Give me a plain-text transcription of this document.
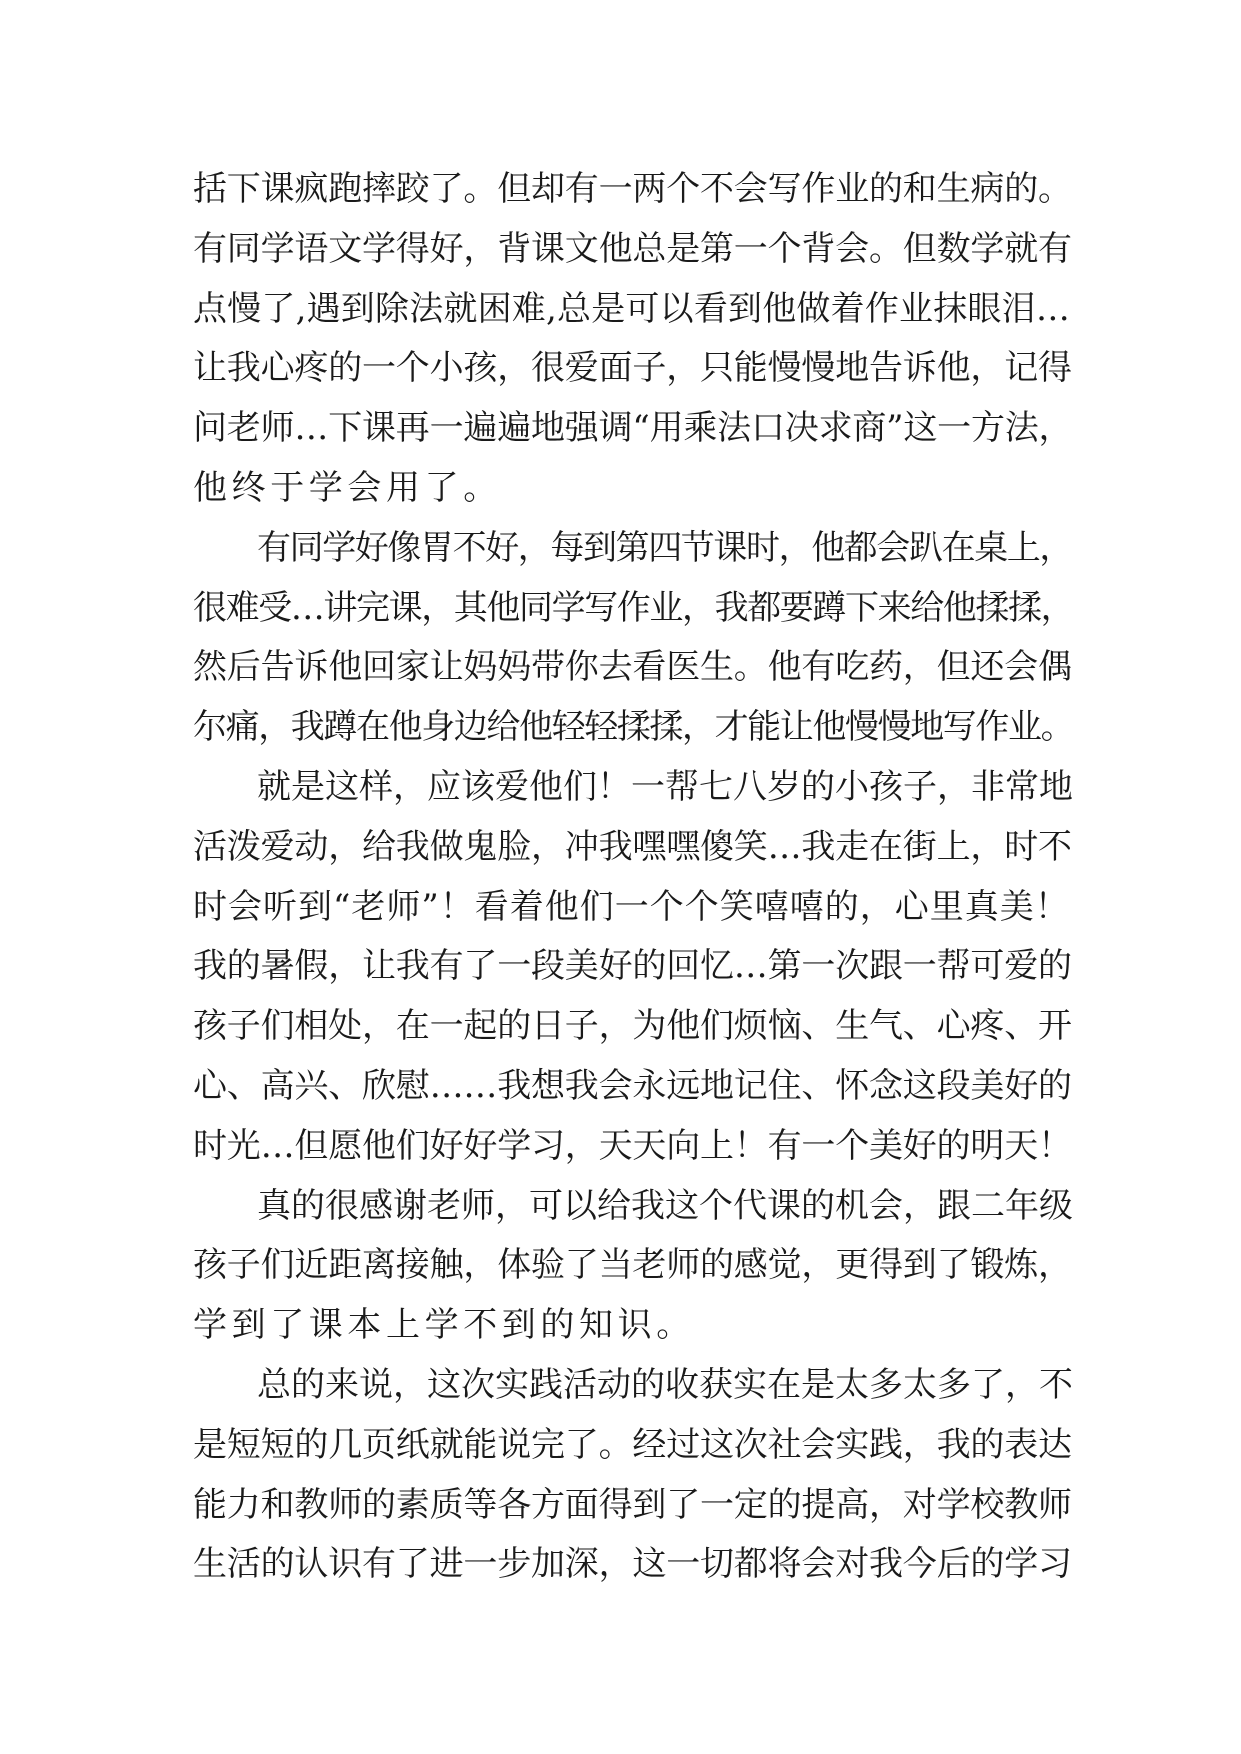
括下课疯跑摔跤了。但却有一两个不会写作业的和生病的。
有同学语文学得好，背课文他总是第一个背会。但数学就有
点慢了,遇到除法就困难,总是可以看到他做着作业抹眼泪…
让我心疼的一个小孩，很爱面子，只能慢慢地告诉他，记得
问老师…下课再一遍遍地强调“用乘法口决求商”这一方法，
他终于学会用了。
有同学好像胃不好，每到第四节课时，他都会趴在桌上，
很难受…讲完课，其他同学写作业，我都要蹲下来给他揉揉，
然后告诉他回家让妈妈带你去看医生。他有吃药，但还会偶
尔痛，我蹲在他身边给他轻轻揉揉，才能让他慢慢地写作业。
就是这样，应该爱他们！一帮七八岁的小孩子，非常地
活泼爱动，给我做鬼脸，冲我嘿嘿傻笑…我走在街上，时不
时会听到“老师”！看着他们一个个笑嘻嘻的，心里真美！
我的暑假，让我有了一段美好的回忆…第一次跟一帮可爱的
孩子们相处，在一起的日子，为他们烦恼、生气、心疼、开
心、高兴、欣慰……我想我会永远地记住、怀念这段美好的
时光…但愿他们好好学习，天天向上！有一个美好的明天！
真的很感谢老师，可以给我这个代课的机会，跟二年级
孩子们近距离接触，体验了当老师的感觉，更得到了锻炼，
学到了课本上学不到的知识。
总的来说，这次实践活动的收获实在是太多太多了，不
是短短的几页纸就能说完了。经过这次社会实践，我的表达
能力和教师的素质等各方面得到了一定的提高，对学校教师
生活的认识有了进一步加深，这一切都将会对我今后的学习
